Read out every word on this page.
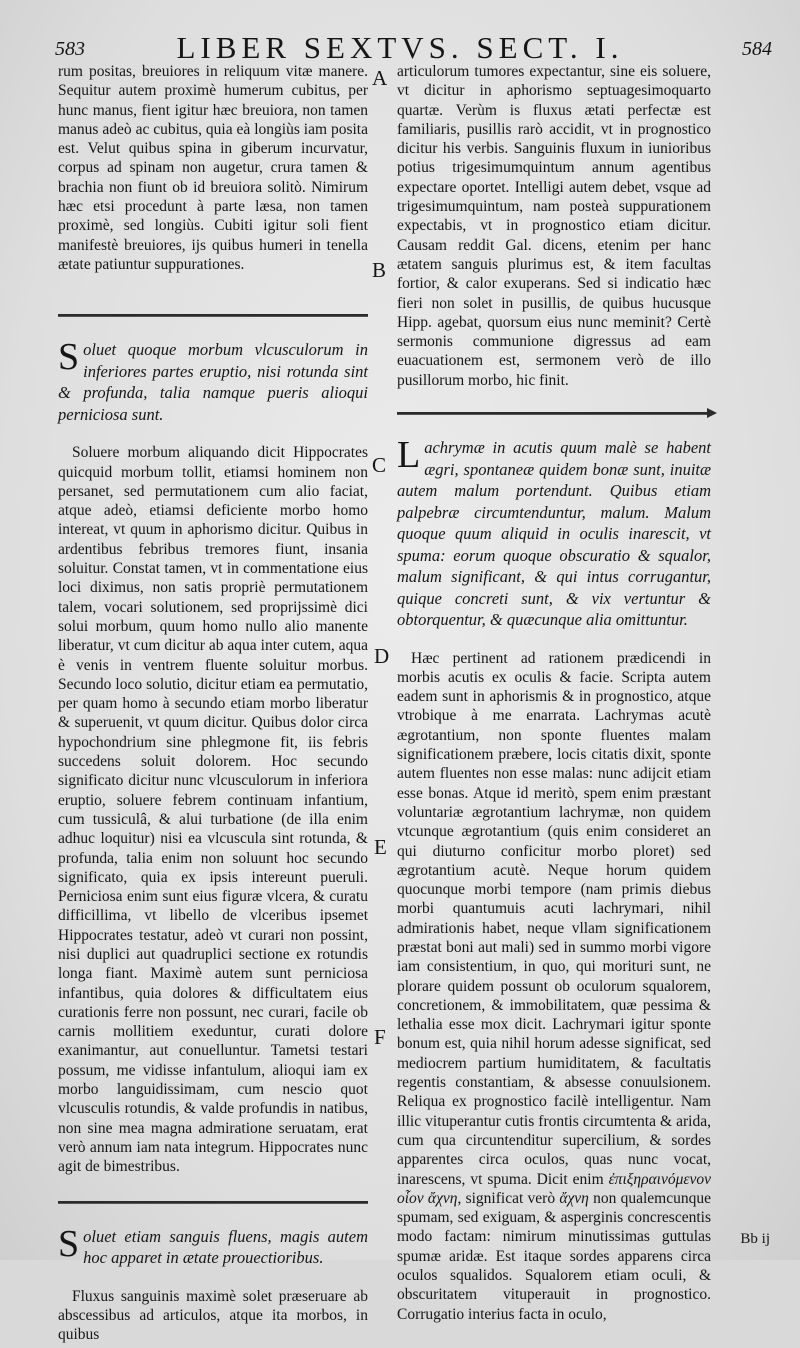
583	LIBER SEXTVS. SECT. I.	584
A
B
C
D
E
F

rum positas, breuiores in reliquum vitæ manere. Sequitur autem proximè humerum cubitus, per hunc manus, fient igitur hæc breuiora, non tamen manus adeò ac cubitus, quia eà longiùs iam posita est. Velut quibus spina in giberum incurvatur, corpus ad spinam non augetur, crura tamen & brachia non fiunt ob id breuiora solitò. Nimirum hæc etsi procedunt à parte læsa, non tamen proximè, sed longiùs. Cubiti igitur soli fient manifestè breuiores, ijs quibus humeri in tenella ætate patiuntur suppurationes.

Soluet quoque morbum vlcusculorum in inferiores partes eruptio, nisi rotunda sint & profunda, talia namque pueris alioqui perniciosa sunt.

Soluere morbum aliquando dicit Hippocrates quicquid morbum tollit, etiamsi hominem non persanet, sed permutationem cum alio faciat, atque adeò, etiamsi deficiente morbo homo intereat, vt quum in aphorismo dicitur. Quibus in ardentibus febribus tremores fiunt, insania soluitur. Constat tamen, vt in commentatione eius loci diximus, non satis propriè permutationem talem, vocari solutionem, sed proprijssimè dici solui morbum, quum homo nullo alio manente liberatur, vt cum dicitur ab aqua inter cutem, aqua è venis in ventrem fluente soluitur morbus. Secundo loco solutio, dicitur etiam ea permutatio, per quam homo à secundo etiam morbo liberatur & superuenit, vt quum dicitur. Quibus dolor circa hypochondrium sine phlegmone fit, iis febris succedens soluit dolorem. Hoc secundo significato dicitur nunc vlcusculorum in inferiora eruptio, soluere febrem continuam infantium, cum tussiculâ, & alui turbatione (de illa enim adhuc loquitur) nisi ea vlcuscula sint rotunda, & profunda, talia enim non soluunt hoc secundo significato, quia ex ipsis intereunt pueruli. Perniciosa enim sunt eius figuræ vlcera, & curatu difficillima, vt libello de vlceribus ipsemet Hippocrates testatur, adeò vt curari non possint, nisi duplici aut quadruplici sectione ex rotundis longa fiant. Maximè autem sunt perniciosa infantibus, quia dolores & difficultatem eius curationis ferre non possunt, nec curari, facile ob carnis mollitiem exeduntur, curati dolore exanimantur, aut conuelluntur. Tametsi testari possum, me vidisse infantulum, alioqui iam ex morbo languidissimam, cum nescio quot vlcusculis rotundis, & valde profundis in natibus, non sine mea magna admiratione seruatam, erat verò annum iam nata integrum. Hippocrates nunc agit de bimestribus.

Soluet etiam sanguis fluens, magis autem hoc apparet in ætate prouectioribus.

Fluxus sanguinis maximè solet præseruare ab abscessibus ad articulos, atque ita morbos, in quibus

articulorum tumores expectantur, sine eis soluere, vt dicitur in aphorismo septuagesimoquarto quartæ. Verùm is fluxus ætati perfectæ est familiaris, pusillis rarò accidit, vt in prognostico dicitur his verbis. Sanguinis fluxum in iunioribus potius trigesimumquintum annum agentibus expectare oportet. Intelligi autem debet, vsque ad trigesimumquintum, nam posteà suppurationem expectabis, vt in prognostico etiam dicitur. Causam reddit Gal. dicens, etenim per hanc ætatem sanguis plurimus est, & item facultas fortior, & calor exuperans. Sed si indicatio hæc fieri non solet in pusillis, de quibus hucusque Hipp. agebat, quorsum eius nunc meminit? Certè sermonis communione digressus ad eam euacuationem est, sermonem verò de illo pusillorum morbo, hic finit.

Lachrymæ in acutis quum malè se habent ægri, spontaneæ quidem bonæ sunt, inuitæ autem malum portendunt. Quibus etiam palpebræ circumtenduntur, malum. Malum quoque quum aliquid in oculis inarescit, vt spuma: eorum quoque obscuratio & squalor, malum significant, & qui intus corrugantur, quique concreti sunt, & vix vertuntur & obtorquentur, & quæcunque alia omittuntur.

Hæc pertinent ad rationem prædicendi in morbis acutis ex oculis & facie. Scripta autem eadem sunt in aphorismis & in prognostico, atque vtrobique à me enarrata. Lachrymas acutè ægrotantium, non sponte fluentes malam significationem præbere, locis citatis dixit, sponte autem fluentes non esse malas: nunc adijcit etiam esse bonas. Atque id meritò, spem enim præstant voluntariæ ægrotantium lachrymæ, non quidem vtcunque ægrotantium (quis enim consideret an qui diuturno conficitur morbo ploret) sed ægrotantium acutè. Neque horum quidem quocunque morbi tempore (nam primis diebus morbi quantumuis acuti lachrymari, nihil admirationis habet, neque vllam significationem præstat boni aut mali) sed in summo morbi vigore iam consistentium, in quo, qui morituri sunt, ne plorare quidem possunt ob oculorum squalorem, concretionem, & immobilitatem, quæ pessima & lethalia esse mox dicit. Lachrymari igitur sponte bonum est, quia nihil horum adesse significat, sed mediocrem partium humiditatem, & facultatis regentis constantiam, & absesse conuulsionem. Reliqua ex prognostico facilè intelligentur. Nam illic vituperantur cutis frontis circumtenta & arida, cum qua circuntenditur supercilium, & sordes apparentes circa oculos, quas nunc vocat, inarescens, vt spuma. Dicit enim ἐπιξηραινόμενον οἷον ἄχνη, significat verò ἄχνη non qualemcunque spumam, sed exiguam, & asperginis concrescentis modo factam: nimirum minutissimas guttulas spumæ aridæ. Est itaque sordes apparens circa oculos squalidos. Squalorem etiam oculi, & obscuritatem vituperauit in prognostico. Corrugatio interius facta in oculo,

Bb ij
